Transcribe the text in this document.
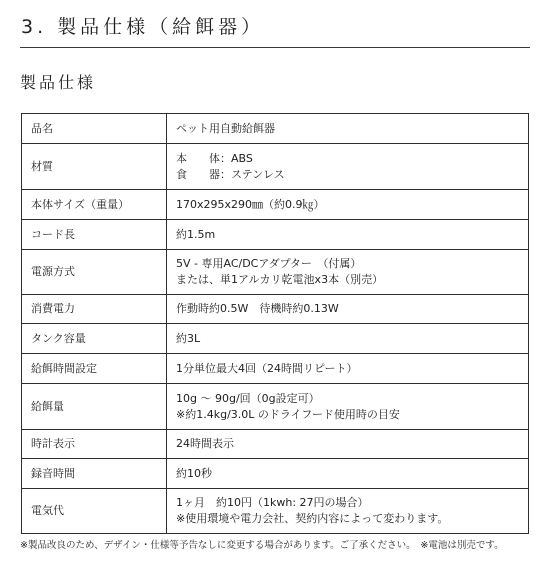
3. 製品仕様（給餌器）
製品仕様
品名	ペット用自動給餌器

材質	本　　体：ABS
食　　器：ステンレス

本体サイズ（重量）	170x295x290㎜（約0.9㎏）

コード長	約1.5m

電源方式	5V - 専用AC/DCアダプター　（付属）
または、単1アルカリ乾電池x3本（別売）

消費電力	作動時約0.5W　待機時約0.13W

タンク容量	約3L

給餌時間設定	1分単位最大4回（24時間リピート）

給餌量	10g 〜 90g/回（0g設定可）
※約1.4kg/3.0L のドライフード使用時の目安

時計表示	24時間表示

録音時間	約10秒

電気代	1ヶ月　約10円（1kwh: 27円の場合）
※使用環境や電力会社、契約内容によって変わります。

※製品改良のため、デザイン・仕様等予告なしに変更する場合があります。ご了承ください。　※電池は別売です。
